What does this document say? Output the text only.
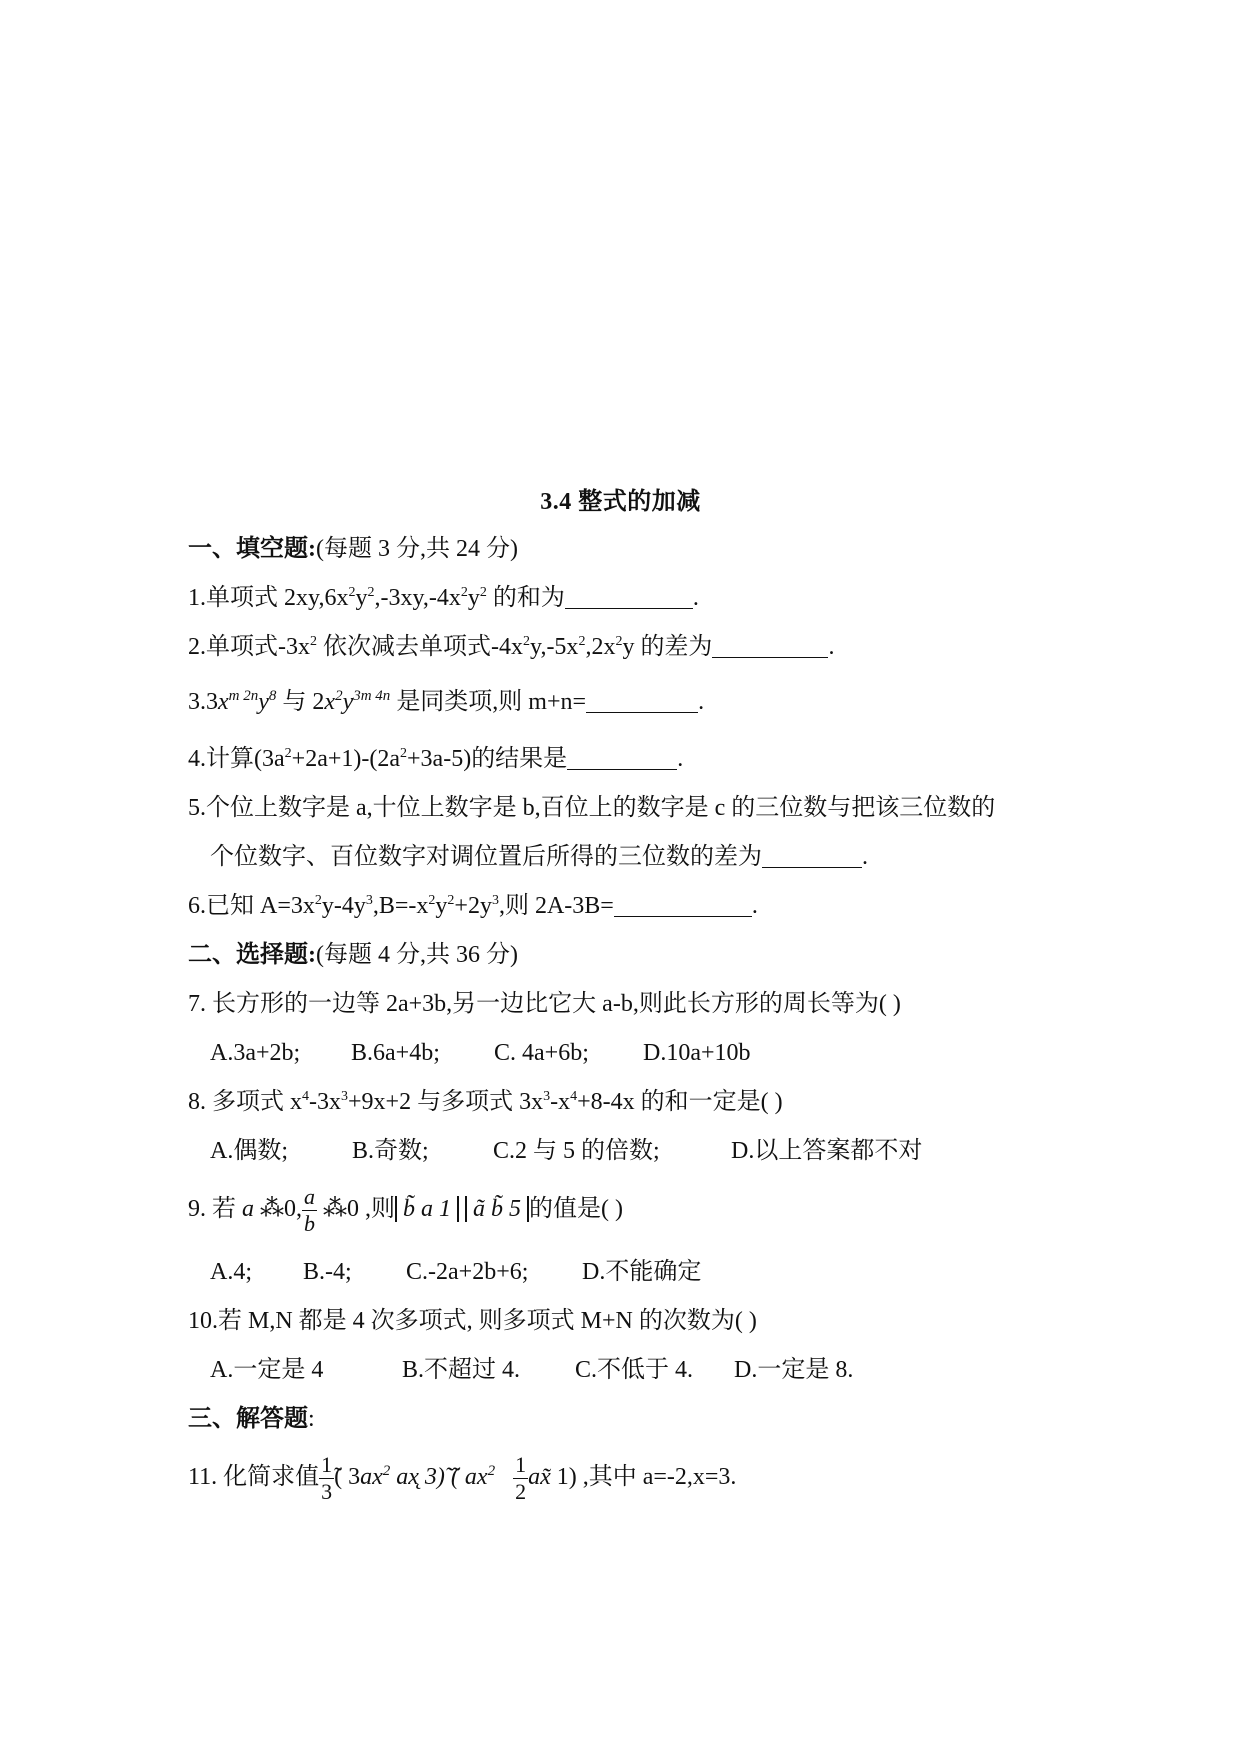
3.4 整式的加减
一、填空题:(每题 3 分,共 24 分)
1.单项式 $2xy,6x^2y^2,-3xy,-4x^2y^2$ 的和为	.
2.单项式$-3x^2$ 依次减去单项式$-4x^2y,-5x^2,2x^2y$ 的差为	.
$3.3x^{m 2n}y^8$ 与 $2x^2y^{3m 4n}$ 是同类项,则 m+n=	.
4.计算$(3a^2+2a+1)-(2a^2+3a-5)$的结果是	.
5.个位上数字是 a,十位上数字是 b,百位上的数字是 c 的三位数与把该三位数的
个位数字、百位数字对调位置后所得的三位数的差为	.
6.已知 $A=3x^2y-4y^3,B=-x^2y^2+2y^3$,则 2A-3B=	.
二、选择题:(每题 4 分,共 36 分)
7. 长方形的一边等 2a+3b,另一边比它大 a-b,则此长方形的周长等为( )
A.3a+2b; B.6a+4b; C. 4a+6b; D.10a+10b
8. 多项式 $x^4-3x^3+9x+2$ 与多项式 $3x^3-x^4+8-4x$ 的和一定是( )
A.偶数;	B.奇数;	C.2 与 5 的倍数;	D.以上答案都不对
9. 若 a ⁂0, $\frac{a}{b}$ ⁂0 ,则 b̃ a 1 ã b̃ 5 的值是( )
A.4; B.-4; C.-2a+2b+6; D.不能确定
10.若 M,N 都是 4 次多项式, 则多项式 M+N 的次数为( )
A.一定是 4	B.不超过 4. C.不低于 4. D.一定是 8.
三、解答题:
11. 化简求值 $\frac{1}{3}$ ̃( $3ax^2$ ax̨ 3)̃ ̃( $ax^2 \frac{1}{2}$ ax̃ 1) ,其中 a=-2,x=3.
